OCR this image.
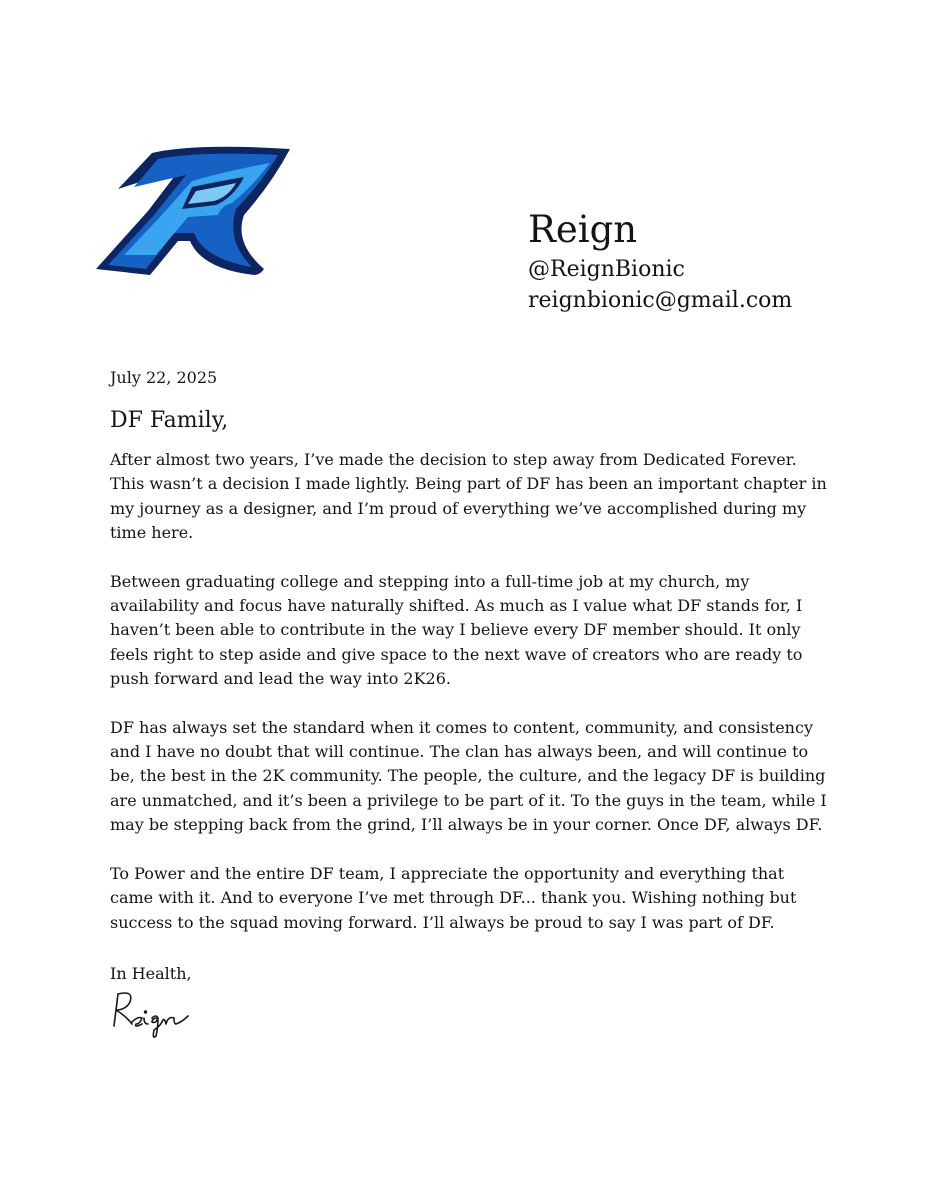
Reign
@ReignBionic
reignbionic@gmail.com
July 22, 2025
DF Family,

After almost two years, I’ve made the decision to step away from Dedicated Forever. This wasn’t a decision I made lightly. Being part of DF has been an important chapter in my journey as a designer, and I’m proud of everything we’ve accomplished during my time here.

Between graduating college and stepping into a full-time job at my church, my availability and focus have naturally shifted. As much as I value what DF stands for, I haven’t been able to contribute in the way I believe every DF member should. It only feels right to step aside and give space to the next wave of creators who are ready to push forward and lead the way into 2K26.

DF has always set the standard when it comes to content, community, and consistency and I have no doubt that will continue. The clan has always been, and will continue to be, the best in the 2K community. The people, the culture, and the legacy DF is building are unmatched, and it’s been a privilege to be part of it. To the guys in the team, while I may be stepping back from the grind, I’ll always be in your corner. Once DF, always DF.

To Power and the entire DF team, I appreciate the opportunity and everything that came with it. And to everyone I’ve met through DF... thank you. Wishing nothing but success to the squad moving forward. I’ll always be proud to say I was part of DF.

In Health,
